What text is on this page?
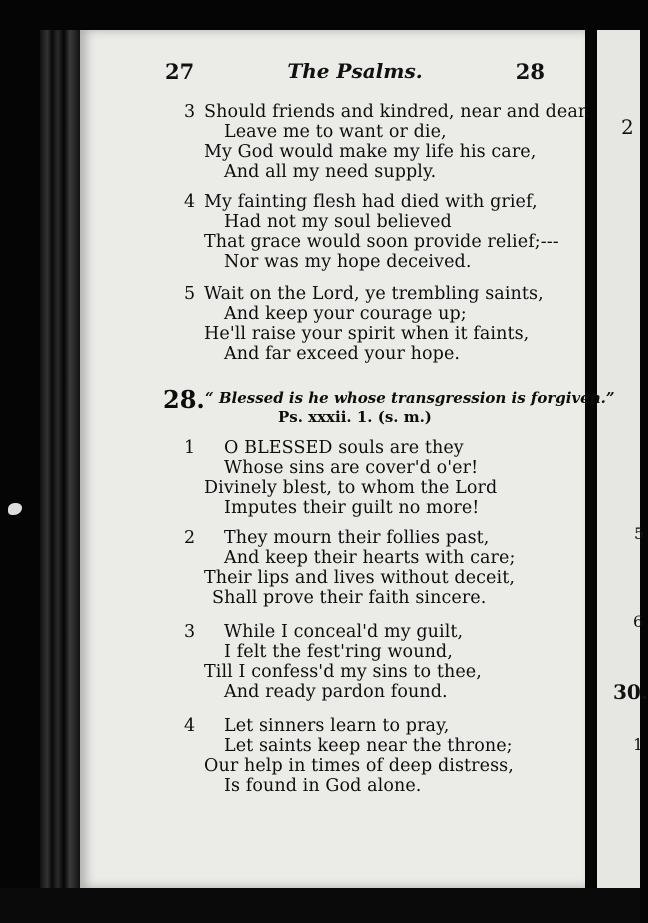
2
5
6
30.
1
27	The Psalms.	28
3 Should friends and kindred, near and dear,
Leave me to want or die,
My God would make my life his care,
And all my need supply.
4 My fainting flesh had died with grief,
Had not my soul believed
That grace would soon provide relief;---
Nor was my hope deceived.
5 Wait on the Lord, ye trembling saints,
And keep your courage up;
He'll raise your spirit when it faints,
And far exceed your hope.
28. “ Blessed is he whose transgression is forgiven.”
Ps. xxxii. 1. (s. m.)
1 O BLESSED souls are they
Whose sins are cover'd o'er!
Divinely blest, to whom the Lord
Imputes their guilt no more!
2 They mourn their follies past,
And keep their hearts with care;
Their lips and lives without deceit,
Shall prove their faith sincere.
3 While I conceal'd my guilt,
I felt the fest'ring wound,
Till I confess'd my sins to thee,
And ready pardon found.
4 Let sinners learn to pray,
Let saints keep near the throne;
Our help in times of deep distress,
Is found in God alone.
